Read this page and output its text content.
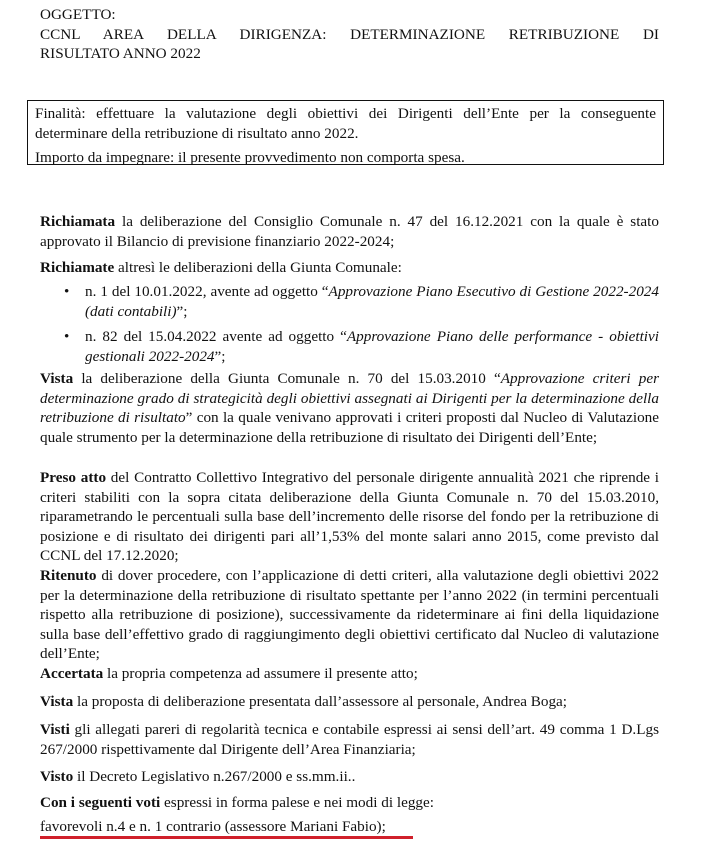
OGGETTO:
CCNL AREA DELLA DIRIGENZA: DETERMINAZIONE RETRIBUZIONE DI
RISULTATO ANNO 2022

Finalità: effettuare la valutazione degli obiettivi dei Dirigenti dell’Ente per la conseguente determinare della retribuzione di risultato anno 2022.

Importo da impegnare: il presente provvedimento non comporta spesa.

Richiamata la deliberazione del Consiglio Comunale n. 47 del 16.12.2021 con la quale è stato approvato il Bilancio di previsione finanziario 2022-2024;

Richiamate altresì le deliberazioni della Giunta Comunale:

• n. 1 del 10.01.2022, avente ad oggetto “Approvazione Piano Esecutivo di Gestione 2022-2024 (dati contabili)”;
• n. 82 del 15.04.2022 avente ad oggetto “Approvazione Piano delle performance - obiettivi gestionali 2022-2024”;

Vista la deliberazione della Giunta Comunale n. 70 del 15.03.2010 “Approvazione criteri per determinazione grado di strategicità degli obiettivi assegnati ai Dirigenti per la determinazione della retribuzione di risultato” con la quale venivano approvati i criteri proposti dal Nucleo di Valutazione quale strumento per la determinazione della retribuzione di risultato dei Dirigenti dell’Ente;

Preso atto del Contratto Collettivo Integrativo del personale dirigente annualità 2021 che riprende i criteri stabiliti con la sopra citata deliberazione della Giunta Comunale n. 70 del 15.03.2010, riparametrando le percentuali sulla base dell’incremento delle risorse del fondo per la retribuzione di posizione e di risultato dei dirigenti pari all’1,53% del monte salari anno 2015, come previsto dal CCNL del 17.12.2020;

Ritenuto di dover procedere, con l’applicazione di detti criteri, alla valutazione degli obiettivi 2022 per la determinazione della retribuzione di risultato spettante per l’anno 2022 (in termini percentuali rispetto alla retribuzione di posizione), successivamente da rideterminare ai fini della liquidazione sulla base dell’effettivo grado di raggiungimento degli obiettivi certificato dal Nucleo di valutazione dell’Ente;

Accertata la propria competenza ad assumere il presente atto;

Vista la proposta di deliberazione presentata dall’assessore al personale, Andrea Boga;

Visti gli allegati pareri di regolarità tecnica e contabile espressi ai sensi dell’art. 49 comma 1 D.Lgs 267/2000 rispettivamente dal Dirigente dell’Area Finanziaria;

Visto il Decreto Legislativo n.267/2000 e ss.mm.ii..

Con i seguenti voti espressi in forma palese e nei modi di legge:

favorevoli n.4 e n. 1 contrario (assessore Mariani Fabio);
